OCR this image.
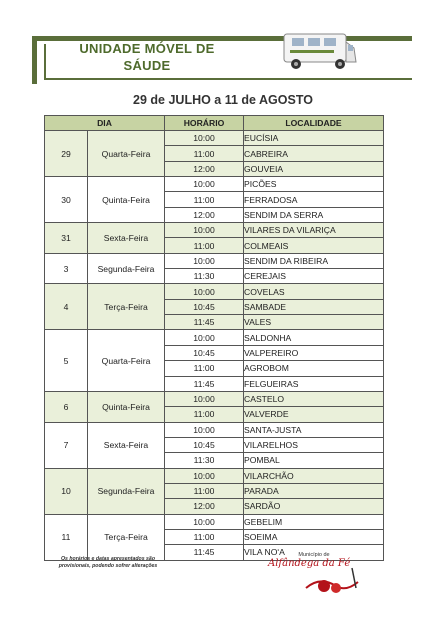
UNIDADE MÓVEL DE SÁUDE
29 de JULHO a 11 de AGOSTO
DIA		HORÁRIO	LOCALIDADE
29	Quarta-Feira	10:00	EUCÍSIA
		11:00	CABREIRA
		12:00	GOUVEIA
30	Quinta-Feira	10:00	PICÕES
		11:00	FERRADOSA
		12:00	SENDIM DA SERRA
31	Sexta-Feira	10:00	VILARES DA VILARIÇA
		11:00	COLMEAIS
3	Segunda-Feira	10:00	SENDIM DA RIBEIRA
		11:30	CEREJAIS
4	Terça-Feira	10:00	COVELAS
		10:45	SAMBADE
		11:45	VALES
5	Quarta-Feira	10:00	SALDONHA
		10:45	VALPEREIRO
		11:00	AGROBOM
		11:45	FELGUEIRAS
6	Quinta-Feira	10:00	CASTELO
		11:00	VALVERDE
7	Sexta-Feira	10:00	SANTA-JUSTA
		10:45	VILARELHOS
		11:30	POMBAL
10	Segunda-Feira	10:00	VILARCHÃO
		11:00	PARADA
		12:00	SARDÃO
11	Terça-Feira	10:00	GEBELIM
		11:00	SOEIMA
		11:45	VILA NOʹA
Os horários e datas apresentados são provisionais, podendo sofrer alterações
Município de
Alfândega da Fé
